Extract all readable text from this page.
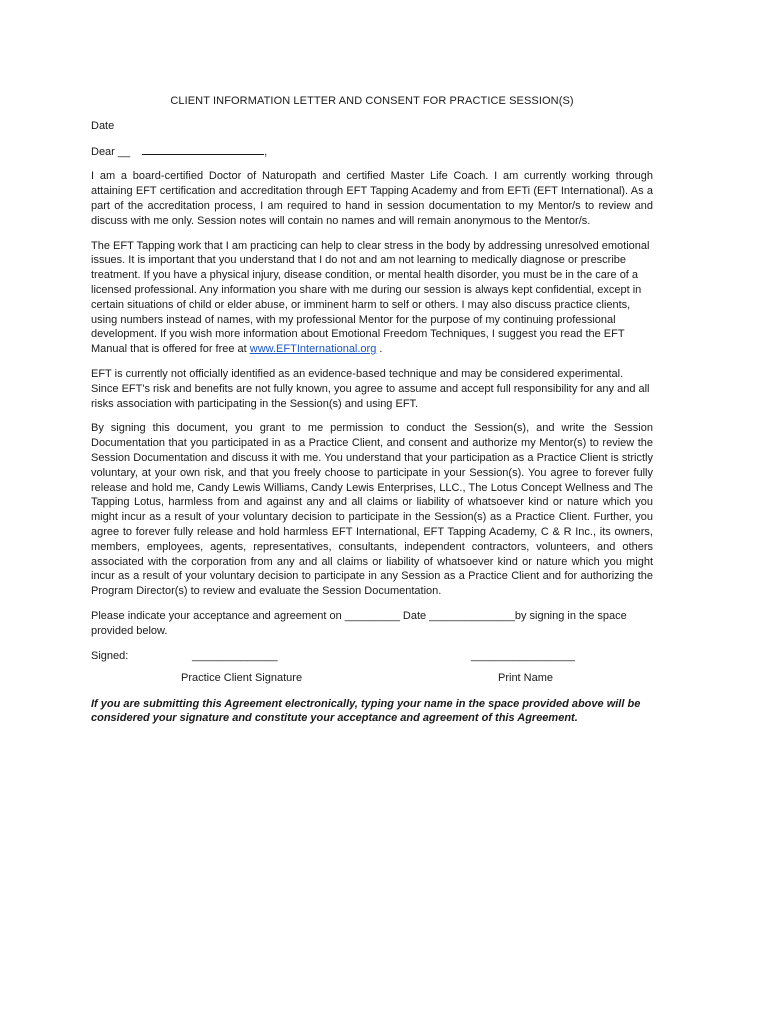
CLIENT INFORMATION LETTER AND CONSENT FOR PRACTICE SESSION(S)

Date

Dear __	,

I am a board-certified Doctor of Naturopath and certified Master Life Coach. I am currently working through attaining EFT certification and accreditation through EFT Tapping Academy and from EFTi (EFT International). As a part of the accreditation process, I am required to hand in session documentation to my Mentor/s to review and discuss with me only. Session notes will contain no names and will remain anonymous to the Mentor/s.

The EFT Tapping work that I am practicing can help to clear stress in the body by addressing unresolved emotional issues. It is important that you understand that I do not and am not learning to medically diagnose or prescribe treatment. If you have a physical injury, disease condition, or mental health disorder, you must be in the care of a licensed professional. Any information you share with me during our session is always kept confidential, except in certain situations of child or elder abuse, or imminent harm to self or others. I may also discuss practice clients, using numbers instead of names, with my professional Mentor for the purpose of my continuing professional development. If you wish more information about Emotional Freedom Techniques, I suggest you read the EFT Manual that is offered for free at www.EFTInternational.org .

EFT is currently not officially identified as an evidence-based technique and may be considered experimental. Since EFT's risk and benefits are not fully known, you agree to assume and accept full responsibility for any and all risks association with participating in the Session(s) and using EFT.

By signing this document, you grant to me permission to conduct the Session(s), and write the Session Documentation that you participated in as a Practice Client, and consent and authorize my Mentor(s) to review the Session Documentation and discuss it with me. You understand that your participation as a Practice Client is strictly voluntary, at your own risk, and that you freely choose to participate in your Session(s). You agree to forever fully release and hold me, Candy Lewis Williams, Candy Lewis Enterprises, LLC., The Lotus Concept Wellness and The Tapping Lotus, harmless from and against any and all claims or liability of whatsoever kind or nature which you might incur as a result of your voluntary decision to participate in the Session(s) as a Practice Client. Further, you agree to forever fully release and hold harmless EFT International, EFT Tapping Academy, C & R Inc., its owners, members, employees, agents, representatives, consultants, independent contractors, volunteers, and others associated with the corporation from any and all claims or liability of whatsoever kind or nature which you might incur as a result of your voluntary decision to participate in any Session as a Practice Client and for authorizing the Program Director(s) to review and evaluate the Session Documentation.

Please indicate your acceptance and agreement on _________ Date ______________by signing in the space provided below.

Signed:	______________	_________________
Practice Client Signature	Print Name

If you are submitting this Agreement electronically, typing your name in the space provided above will be considered your signature and constitute your acceptance and agreement of this Agreement.
